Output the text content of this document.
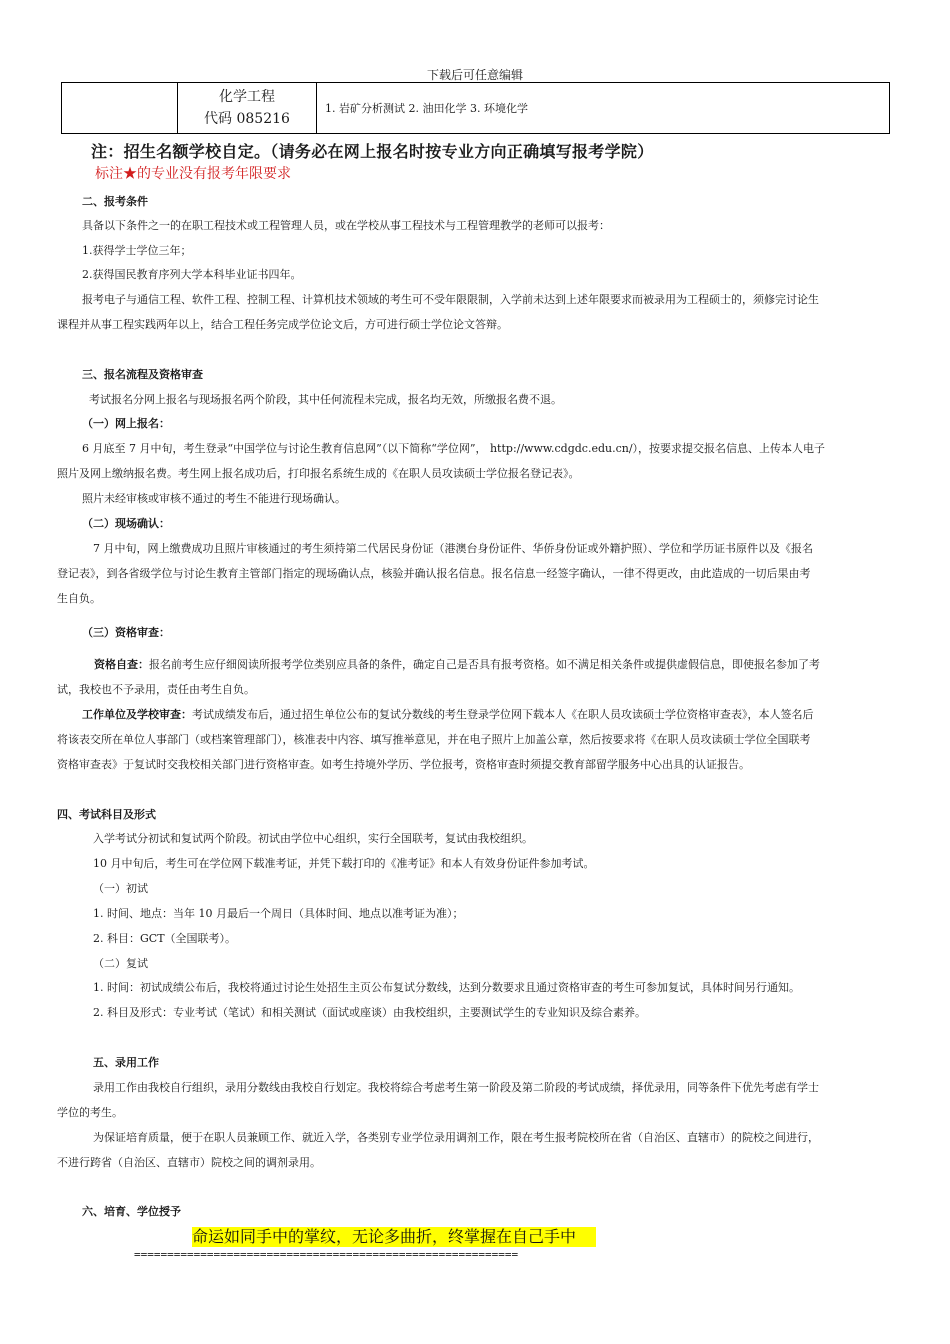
下载后可任意编辑

化学工程
代码 085216
	1. 岩矿分析测试 2. 油田化学 3. 环境化学
注：招生名额学校自定。（请务必在网上报名时按专业方向正确填写报考学院）
标注★的专业没有报考年限要求
二、报考条件
具备以下条件之一的在职工程技术或工程管理人员，或在学校从事工程技术与工程管理教学的老师可以报考：
1.获得学士学位三年；
2.获得国民教育序列大学本科毕业证书四年。
报考电子与通信工程、软件工程、控制工程、计算机技术领域的考生可不受年限限制，入学前未达到上述年限要求而被录用为工程硕士的，须修完讨论生
课程并从事工程实践两年以上，结合工程任务完成学位论文后，方可进行硕士学位论文答辩。
三、报名流程及资格审查
考试报名分网上报名与现场报名两个阶段，其中任何流程未完成，报名均无效，所缴报名费不退。
（一）网上报名：
6 月底至 7 月中旬，考生登录“中国学位与讨论生教育信息网”（以下简称“学位网”， http://www.cdgdc.edu.cn/），按要求提交报名信息、上传本人电子
照片及网上缴纳报名费。考生网上报名成功后，打印报名系统生成的《在职人员攻读硕士学位报名登记表》。
照片未经审核或审核不通过的考生不能进行现场确认。
（二）现场确认：
7 月中旬，网上缴费成功且照片审核通过的考生须持第二代居民身份证（港澳台身份证件、华侨身份证或外籍护照）、学位和学历证书原件以及《报名
登记表》，到各省级学位与讨论生教育主管部门指定的现场确认点，核验并确认报名信息。报名信息一经签字确认，一律不得更改，由此造成的一切后果由考
生自负。
（三）资格审查：
资格自查：报名前考生应仔细阅读所报考学位类别应具备的条件，确定自己是否具有报考资格。如不满足相关条件或提供虚假信息，即使报名参加了考
试，我校也不予录用，责任由考生自负。
工作单位及学校审查：考试成绩发布后，通过招生单位公布的复试分数线的考生登录学位网下载本人《在职人员攻读硕士学位资格审查表》，本人签名后
将该表交所在单位人事部门（或档案管理部门），核准表中内容、填写推举意见，并在电子照片上加盖公章，然后按要求将《在职人员攻读硕士学位全国联考
资格审查表》于复试时交我校相关部门进行资格审查。如考生持境外学历、学位报考，资格审查时须提交教育部留学服务中心出具的认证报告。
四、考试科目及形式
入学考试分初试和复试两个阶段。初试由学位中心组织，实行全国联考，复试由我校组织。
10 月中旬后，考生可在学位网下载准考证，并凭下载打印的《准考证》和本人有效身份证件参加考试。
（一）初试
1. 时间、地点：当年 10 月最后一个周日（具体时间、地点以准考证为准）；
2. 科目：GCT（全国联考）。
（二）复试
1. 时间：初试成绩公布后，我校将通过讨论生处招生主页公布复试分数线，达到分数要求且通过资格审查的考生可参加复试，具体时间另行通知。
2. 科目及形式：专业考试（笔试）和相关测试（面试或座谈）由我校组织，主要测试学生的专业知识及综合素养。
五、录用工作
录用工作由我校自行组织，录用分数线由我校自行划定。我校将综合考虑考生第一阶段及第二阶段的考试成绩，择优录用，同等条件下优先考虑有学士
学位的考生。
为保证培育质量，便于在职人员兼顾工作、就近入学，各类别专业学位录用调剂工作，限在考生报考院校所在省（自治区、直辖市）的院校之间进行，
不进行跨省（自治区、直辖市）院校之间的调剂录用。
六、培育、学位授予
命运如同手中的掌纹，无论多曲折，终掌握在自己手中
==========================================================
